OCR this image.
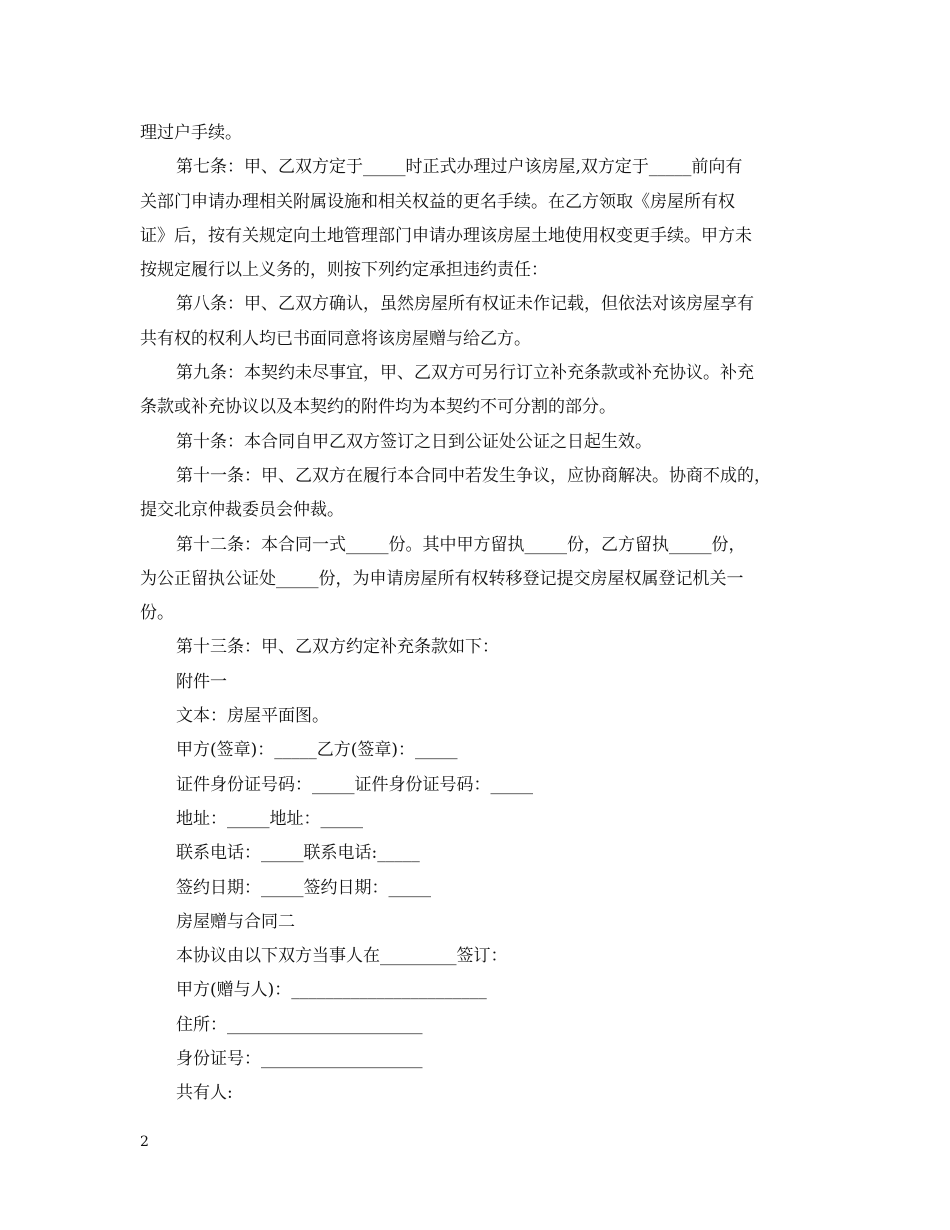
理过户手续。
第七条：甲、乙双方定于_____时正式办理过户该房屋,双方定于_____前向有
关部门申请办理相关附属设施和相关权益的更名手续。在乙方领取《房屋所有权
证》后，按有关规定向土地管理部门申请办理该房屋土地使用权变更手续。甲方未
按规定履行以上义务的，则按下列约定承担违约责任：
第八条：甲、乙双方确认，虽然房屋所有权证未作记载，但依法对该房屋享有
共有权的权利人均已书面同意将该房屋赠与给乙方。
第九条：本契约未尽事宜，甲、乙双方可另行订立补充条款或补充协议。补充
条款或补充协议以及本契约的附件均为本契约不可分割的部分。
第十条：本合同自甲乙双方签订之日到公证处公证之日起生效。
第十一条：甲、乙双方在履行本合同中若发生争议，应协商解决。协商不成的，
提交北京仲裁委员会仲裁。
第十二条：本合同一式_____份。其中甲方留执_____份，乙方留执_____份，
为公正留执公证处_____份，为申请房屋所有权转移登记提交房屋权属登记机关一
份。
第十三条：甲、乙双方约定补充条款如下：
附件一
文本：房屋平面图。
甲方(签章)：_____乙方(签章)：_____
证件身份证号码：_____证件身份证号码：_____
地址：_____地址：_____
联系电话：_____联系电话:_____
签约日期：_____签约日期：_____
房屋赠与合同二
本协议由以下双方当事人在_________签订：
甲方(赠与人)：_______________________
住所：_______________________
身份证号：___________________
共有人:
2
